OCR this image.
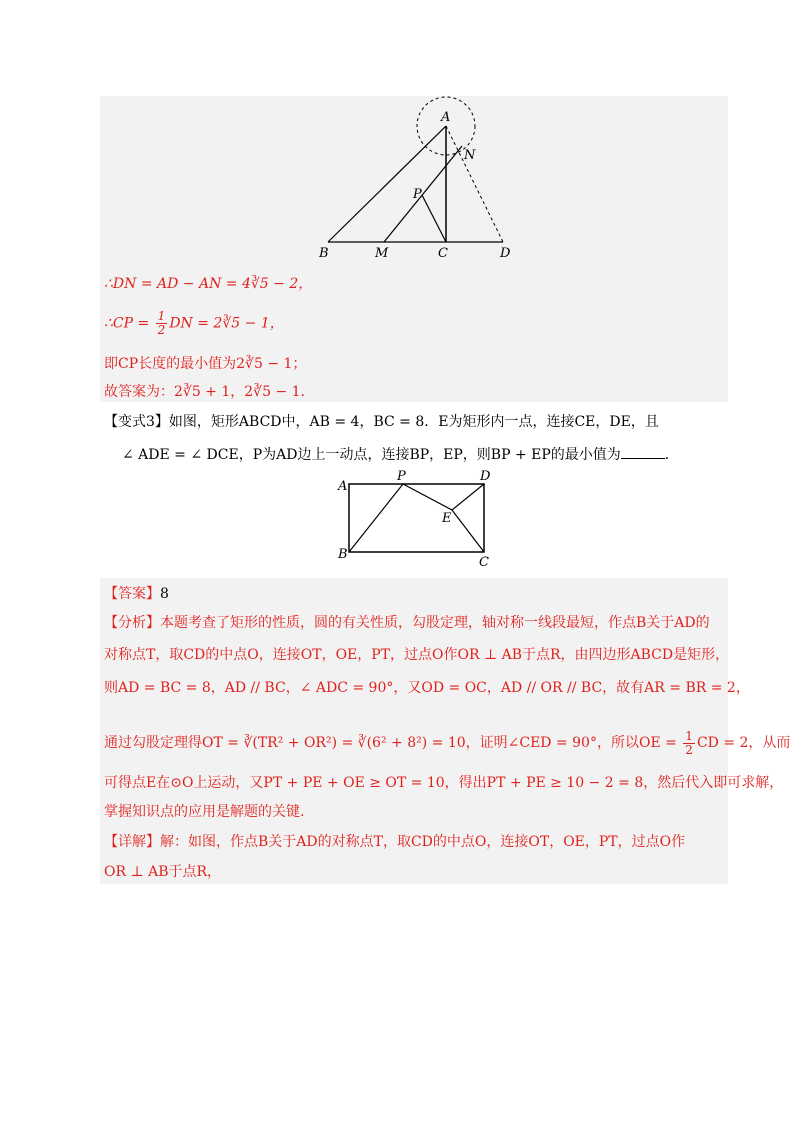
A
N
P
B	M	C	D
∴DN = AD − AN = 4∛5 − 2，
∴CP = $\frac{1}{2}$ DN = 2∛5 − 1，
即CP长度的最小值为2∛5 − 1；
故答案为：2∛5 + 1，2∛5 − 1．
【变式3】如图，矩形ABCD中，AB = 4，BC = 8．E为矩形内一点，连接CE，DE，且
∠ ADE = ∠ DCE，P为AD边上一动点，连接BP，EP，则BP + EP的最小值为	．
A
P	D
E
B
C
【答案】8
【分析】本题考查了矩形的性质，圆的有关性质，勾股定理，轴对称一线段最短，作点B关于AD的
对称点T，取CD的中点O，连接OT，OE，PT，过点O作OR ⊥ AB于点R，由四边形ABCD是矩形，
则AD = BC = 8，AD // BC，∠ ADC = 90°，又OD = OC，AD // OR // BC，故有AR = BR = 2，
通过勾股定理得OT = ∛(TR² + OR²) = ∛(6² + 8²) = 10，证明∠CED = 90°，所以OE = $\frac{1}{2}$ CD = 2，从而
可得点E在⊙O上运动，又PT + PE + OE ≥ OT = 10，得出PT + PE ≥ 10 − 2 = 8，然后代入即可求解，
掌握知识点的应用是解题的关键.
【详解】解：如图，作点B关于AD的对称点T，取CD的中点O，连接OT，OE，PT，过点O作
OR ⊥ AB于点R，
